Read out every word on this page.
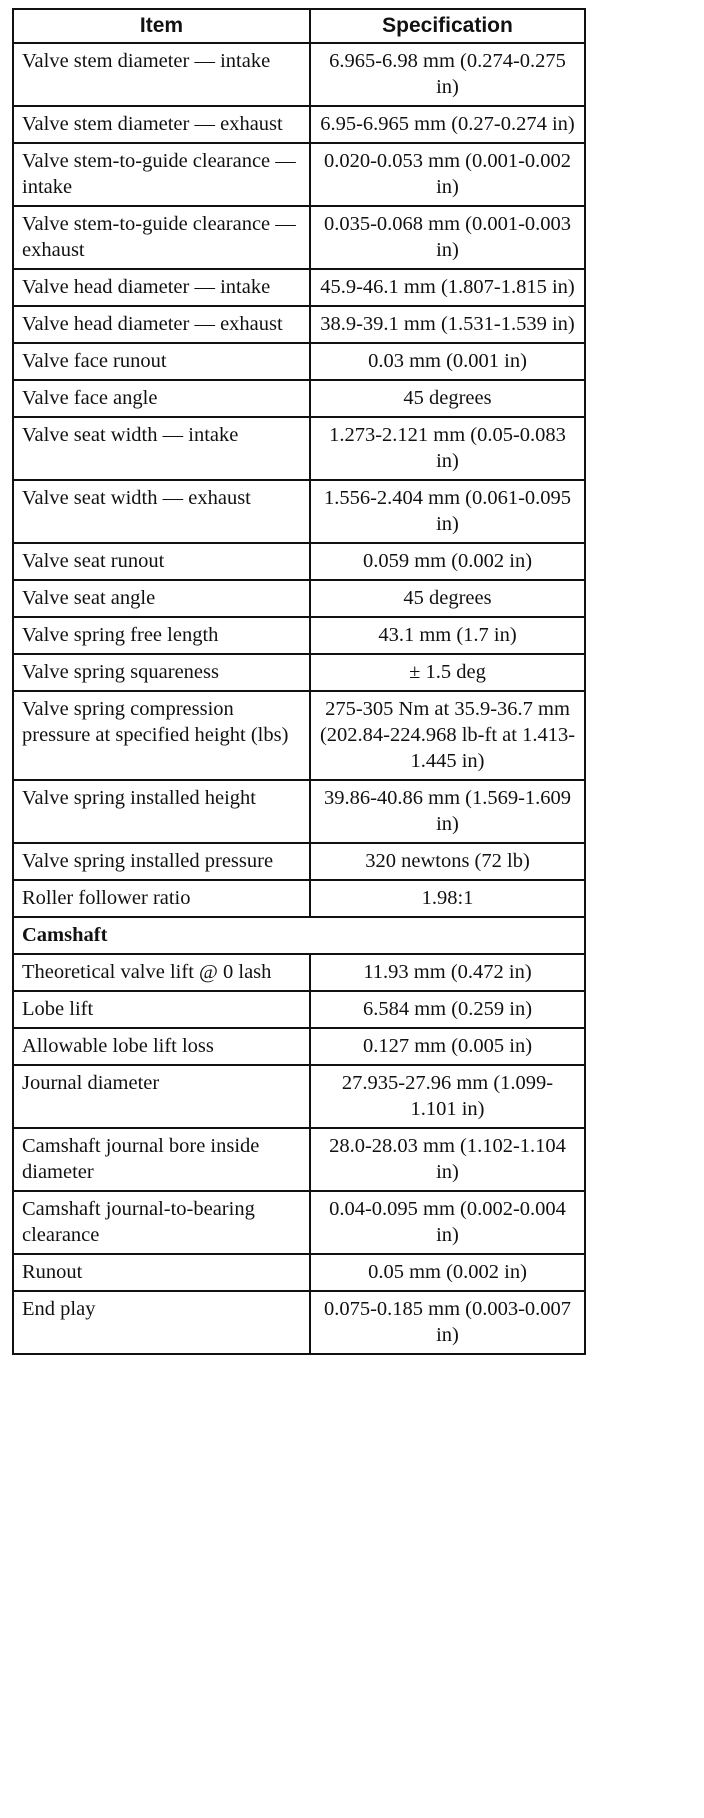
Item	Specification
Valve stem diameter — intake	6.965-6.98 mm (0.274-0.275 in)
Valve stem diameter — exhaust	6.95-6.965 mm (0.27-0.274 in)
Valve stem-to-guide clearance — intake	0.020-0.053 mm (0.001-0.002 in)
Valve stem-to-guide clearance — exhaust	0.035-0.068 mm (0.001-0.003 in)
Valve head diameter — intake	45.9-46.1 mm (1.807-1.815 in)
Valve head diameter — exhaust	38.9-39.1 mm (1.531-1.539 in)
Valve face runout	0.03 mm (0.001 in)
Valve face angle	45 degrees
Valve seat width — intake	1.273-2.121 mm (0.05-0.083 in)
Valve seat width — exhaust	1.556-2.404 mm (0.061-0.095 in)
Valve seat runout	0.059 mm (0.002 in)
Valve seat angle	45 degrees
Valve spring free length	43.1 mm (1.7 in)
Valve spring squareness	± 1.5 deg
Valve spring compression pressure at specified height (lbs)	275-305 Nm at 35.9-36.7 mm (202.84-224.968 lb-ft at 1.413-1.445 in)
Valve spring installed height	39.86-40.86 mm (1.569-1.609 in)
Valve spring installed pressure	320 newtons (72 lb)
Roller follower ratio	1.98:1
Camshaft	
Theoretical valve lift @ 0 lash	11.93 mm (0.472 in)
Lobe lift	6.584 mm (0.259 in)
Allowable lobe lift loss	0.127 mm (0.005 in)
Journal diameter	27.935-27.96 mm (1.099-1.101 in)
Camshaft journal bore inside diameter	28.0-28.03 mm (1.102-1.104 in)
Camshaft journal-to-bearing clearance	0.04-0.095 mm (0.002-0.004 in)
Runout	0.05 mm (0.002 in)
End play	0.075-0.185 mm (0.003-0.007 in)
